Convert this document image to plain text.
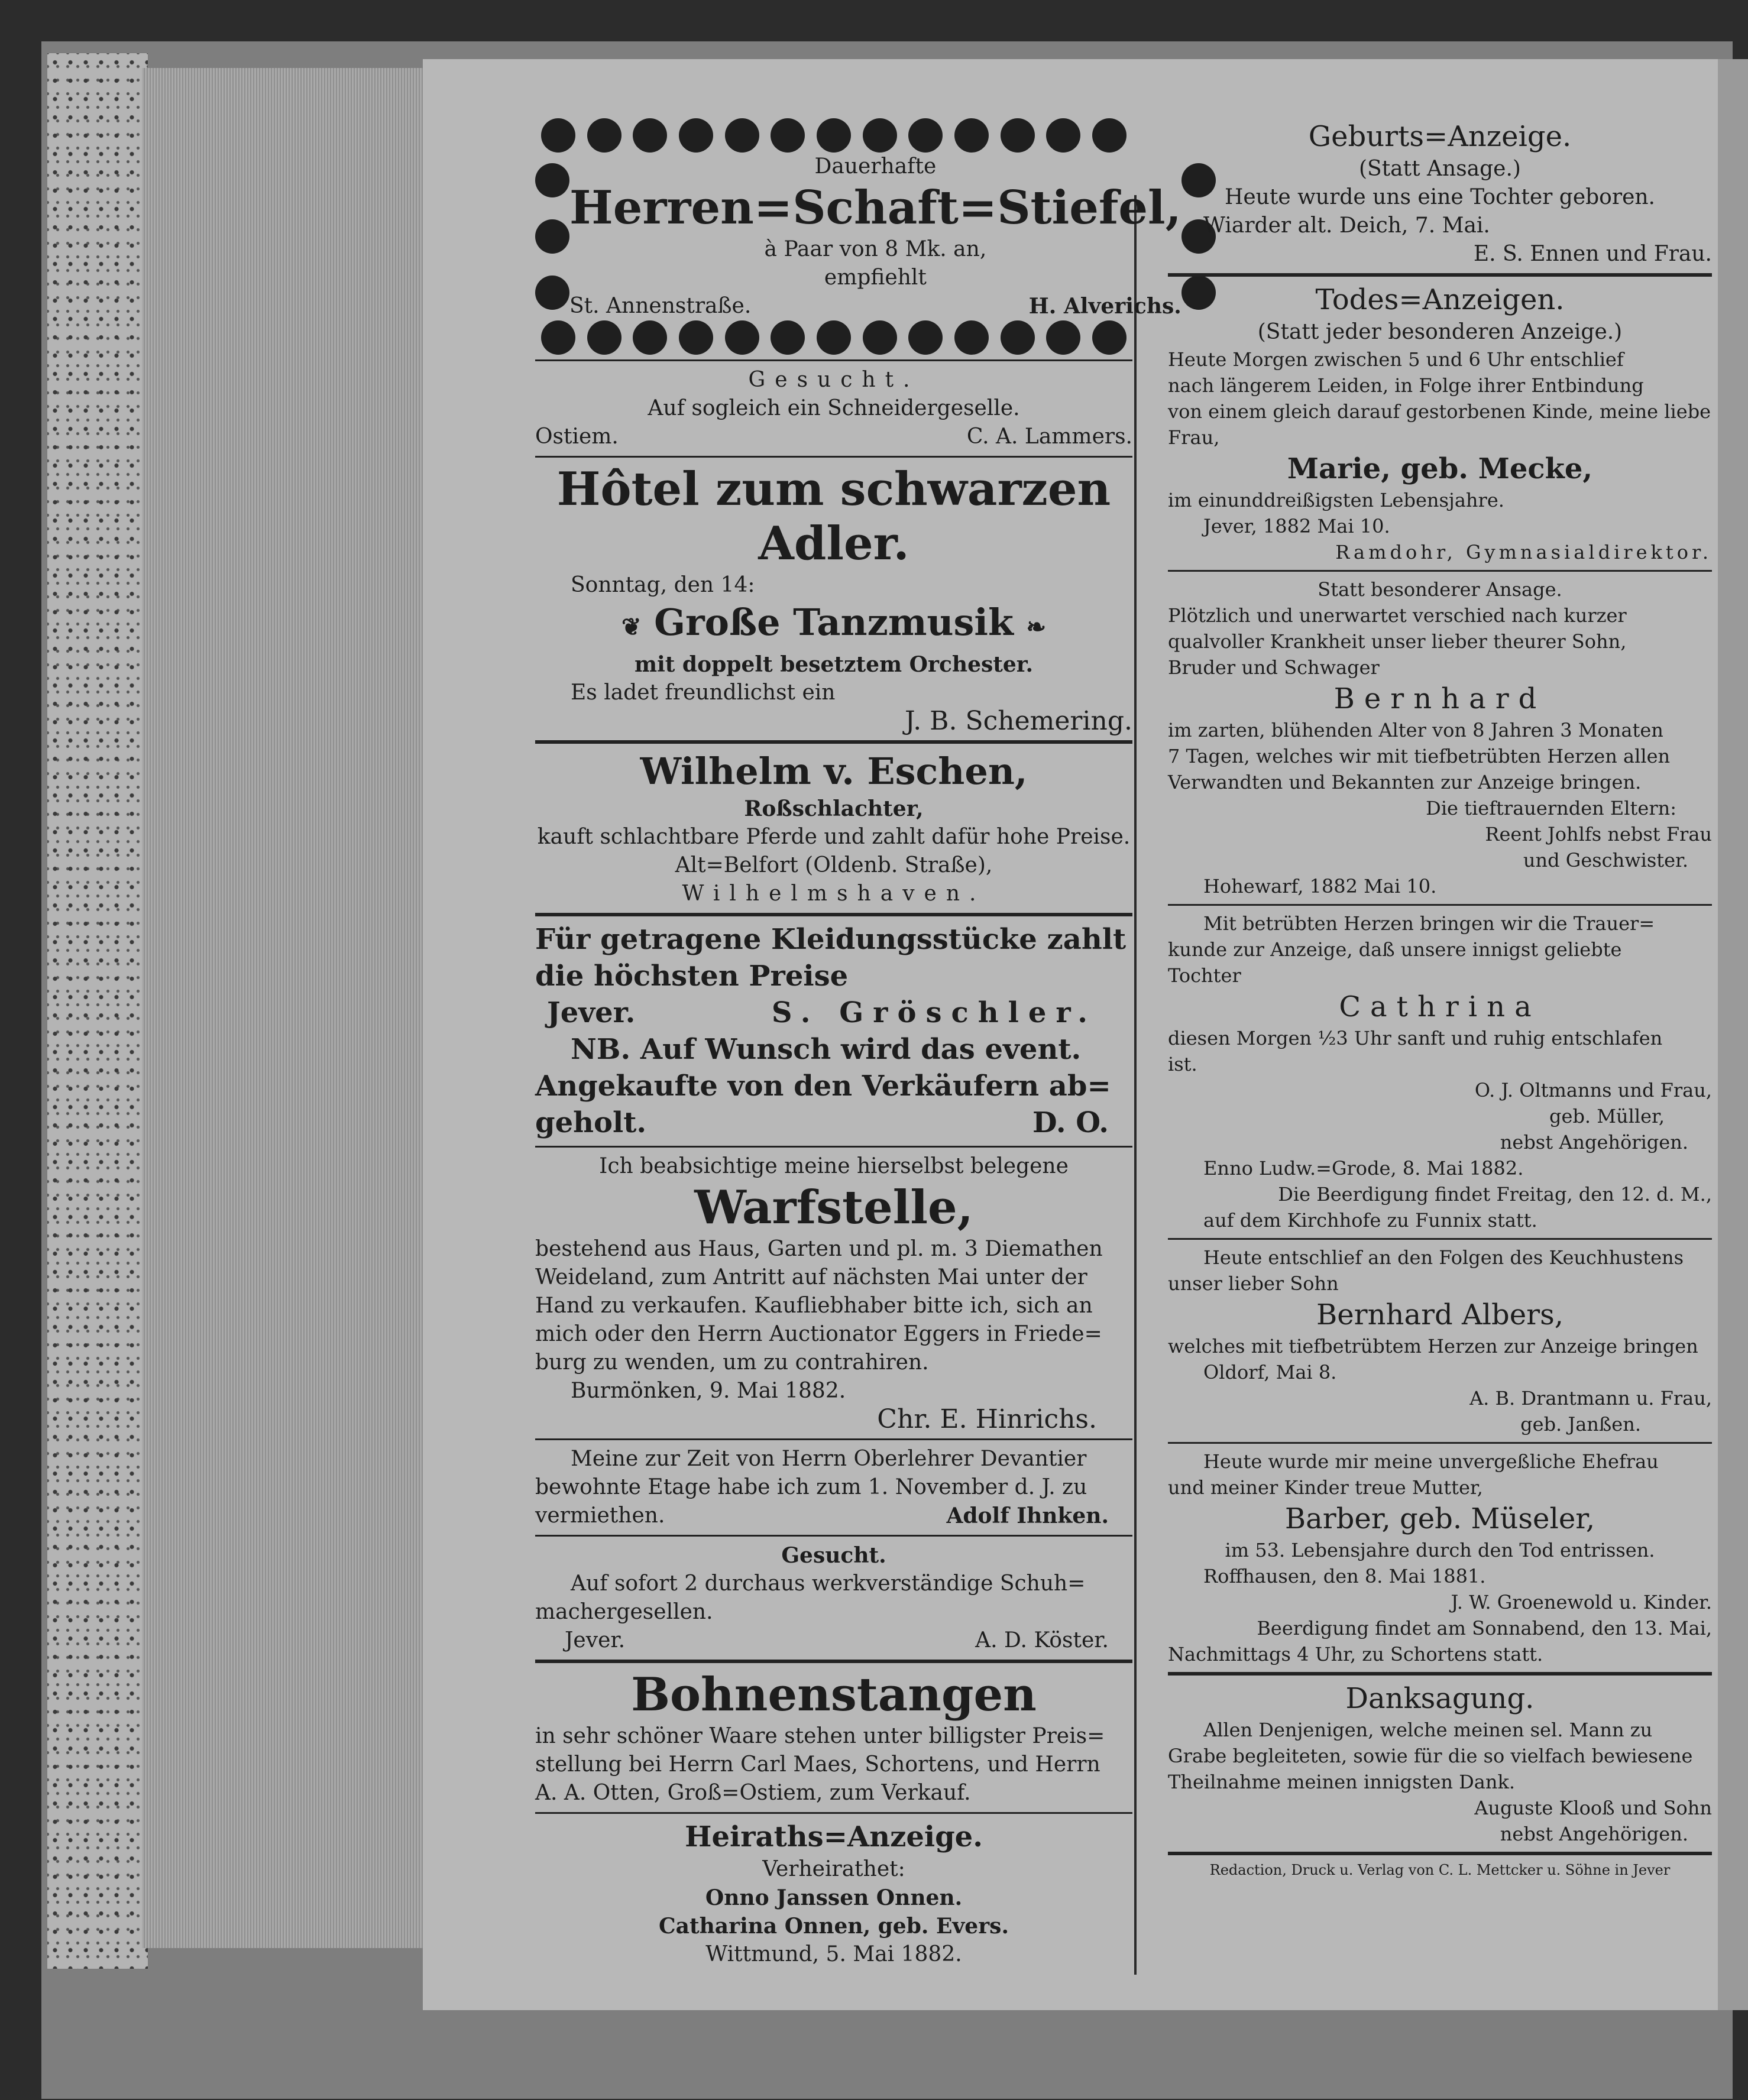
Dauerhafte
Herren=Schaft=Stiefel,
à Paar von 8 Mk. an,
empfiehlt
St. Annenstraße.	H. Alverichs.
Gesucht.
Auf sogleich ein Schneidergeselle.
Ostiem.	C. A. Lammers.
Hôtel zum schwarzen Adler.
Sonntag, den 14:
❦ Große Tanzmusik ❧
mit doppelt besetztem Orchester.
Es ladet freundlichst ein
J. B. Schemering.
Wilhelm v. Eschen,
Roßschlachter,
kauft schlachtbare Pferde und zahlt dafür hohe Preise.
Alt=Belfort (Oldenb. Straße),
Wilhelmshaven.
Für getragene Kleidungsstücke zahlt
die höchsten Preise
Jever.	S. Gröschler.
NB. Auf Wunsch wird das event.
Angekaufte von den Verkäufern ab=
geholt.	D. O.
Ich beabsichtige meine hierselbst belegene
Warfstelle,
bestehend aus Haus, Garten und pl. m. 3 Diemathen
Weideland, zum Antritt auf nächsten Mai unter der
Hand zu verkaufen. Kaufliebhaber bitte ich, sich an
mich oder den Herrn Auctionator Eggers in Friede=
burg zu wenden, um zu contrahiren.
Burmönken, 9. Mai 1882.
Chr. E. Hinrichs.
Meine zur Zeit von Herrn Oberlehrer Devantier
bewohnte Etage habe ich zum 1. November d. J. zu
vermiethen.	Adolf Ihnken.
Gesucht.
Auf sofort 2 durchaus werkverständige Schuh=
machergesellen.
Jever.	A. D. Köster.
Bohnenstangen
in sehr schöner Waare stehen unter billigster Preis=
stellung bei Herrn Carl Maes, Schortens, und Herrn
A. A. Otten, Groß=Ostiem, zum Verkauf.
Heiraths=Anzeige.
Verheirathet:
Onno Janssen Onnen.
Catharina Onnen, geb. Evers.
Wittmund, 5. Mai 1882.
Geburts=Anzeige.
(Statt Ansage.)
Heute wurde uns eine Tochter geboren.
Wiarder alt. Deich, 7. Mai.
E. S. Ennen und Frau.
Todes=Anzeigen.
(Statt jeder besonderen Anzeige.)
Heute Morgen zwischen 5 und 6 Uhr entschlief
nach längerem Leiden, in Folge ihrer Entbindung
von einem gleich darauf gestorbenen Kinde, meine liebe
Frau,
Marie, geb. Mecke,
im einunddreißigsten Lebensjahre.
Jever, 1882 Mai 10.
Ramdohr, Gymnasialdirektor.
Statt besonderer Ansage.
Plötzlich und unerwartet verschied nach kurzer
qualvoller Krankheit unser lieber theurer Sohn,
Bruder und Schwager
Bernhard
im zarten, blühenden Alter von 8 Jahren 3 Monaten
7 Tagen, welches wir mit tiefbetrübten Herzen allen
Verwandten und Bekannten zur Anzeige bringen.
Die tieftrauernden Eltern:
Reent Johlfs nebst Frau
und Geschwister.
Hohewarf, 1882 Mai 10.
Mit betrübten Herzen bringen wir die Trauer=
kunde zur Anzeige, daß unsere innigst geliebte
Tochter
Cathrina
diesen Morgen ½3 Uhr sanft und ruhig entschlafen
ist.
O. J. Oltmanns und Frau,
geb. Müller,
nebst Angehörigen.
Enno Ludw.=Grode, 8. Mai 1882.
Die Beerdigung findet Freitag, den 12. d. M.,
auf dem Kirchhofe zu Funnix statt.
Heute entschlief an den Folgen des Keuchhustens
unser lieber Sohn
Bernhard Albers,
welches mit tiefbetrübtem Herzen zur Anzeige bringen
Oldorf, Mai 8.
A. B. Drantmann u. Frau,
geb. Janßen.
Heute wurde mir meine unvergeßliche Ehefrau
und meiner Kinder treue Mutter,
Barber, geb. Müseler,
im 53. Lebensjahre durch den Tod entrissen.
Roffhausen, den 8. Mai 1881.
J. W. Groenewold u. Kinder.
Beerdigung findet am Sonnabend, den 13. Mai,
Nachmittags 4 Uhr, zu Schortens statt.
Danksagung.
Allen Denjenigen, welche meinen sel. Mann zu
Grabe begleiteten, sowie für die so vielfach bewiesene
Theilnahme meinen innigsten Dank.
Auguste Klooß und Sohn
nebst Angehörigen.
Redaction, Druck u. Verlag von C. L. Mettcker u. Söhne in Jever
